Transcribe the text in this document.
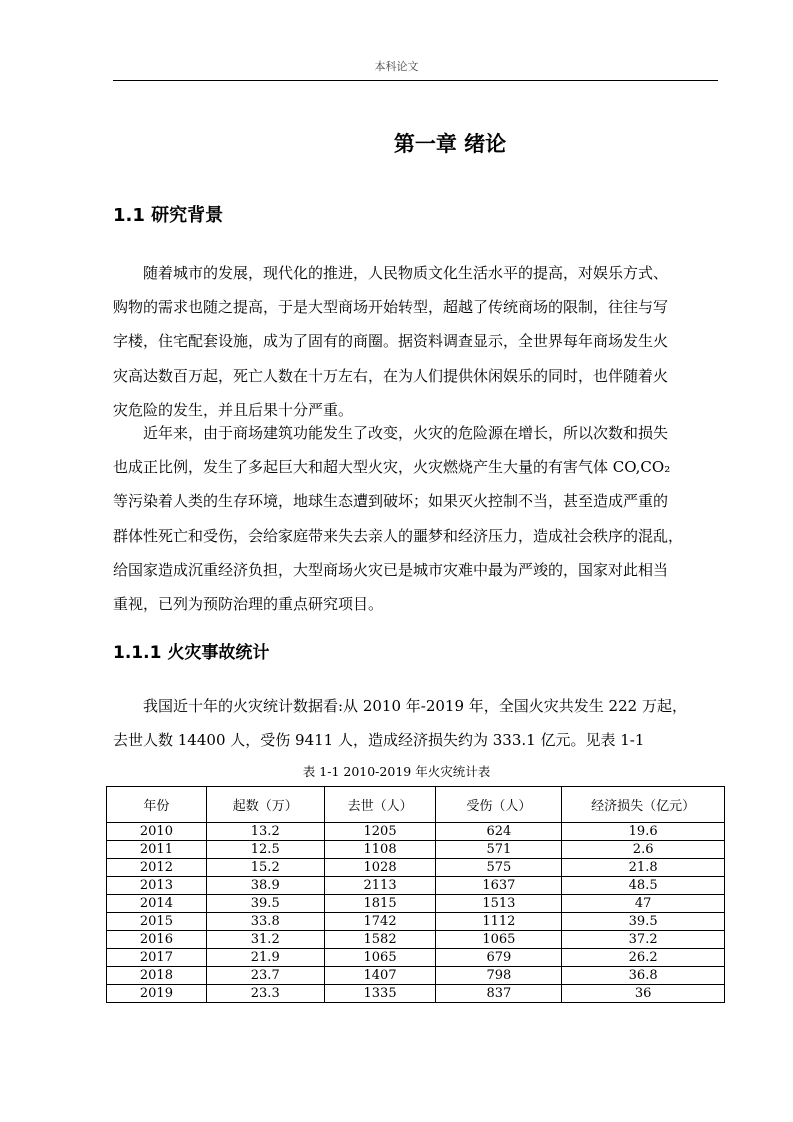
本科论文
第一章 绪论
1.1 研究背景
随着城市的发展，现代化的推进，人民物质文化生活水平的提高，对娱乐方式、
购物的需求也随之提高，于是大型商场开始转型，超越了传统商场的限制，往往与写
字楼，住宅配套设施，成为了固有的商圈。据资料调查显示，全世界每年商场发生火
灾高达数百万起，死亡人数在十万左右，在为人们提供休闲娱乐的同时，也伴随着火
灾危险的发生，并且后果十分严重。
近年来，由于商场建筑功能发生了改变，火灾的危险源在增长，所以次数和损失
也成正比例，发生了多起巨大和超大型火灾，火灾燃烧产生大量的有害气体 CO,CO₂
等污染着人类的生存环境，地球生态遭到破坏；如果灭火控制不当，甚至造成严重的
群体性死亡和受伤，会给家庭带来失去亲人的噩梦和经济压力，造成社会秩序的混乱，
给国家造成沉重经济负担，大型商场火灾已是城市灾难中最为严竣的，国家对此相当
重视，已列为预防治理的重点研究项目。
1.1.1 火灾事故统计
我国近十年的火灾统计数据看:从 2010 年-2019 年，全国火灾共发生 222 万起，
去世人数 14400 人，受伤 9411 人，造成经济损失约为 333.1 亿元。见表 1-1
表 1-1 2010-2019 年火灾统计表
年份	起数（万）	去世（人）	受伤（人）	经济损失（亿元）
2010	13.2	1205	624	19.6
2011	12.5	1108	571	2.6
2012	15.2	1028	575	21.8
2013	38.9	2113	1637	48.5
2014	39.5	1815	1513	47
2015	33.8	1742	1112	39.5
2016	31.2	1582	1065	37.2
2017	21.9	1065	679	26.2
2018	23.7	1407	798	36.8
2019	23.3	1335	837	36
